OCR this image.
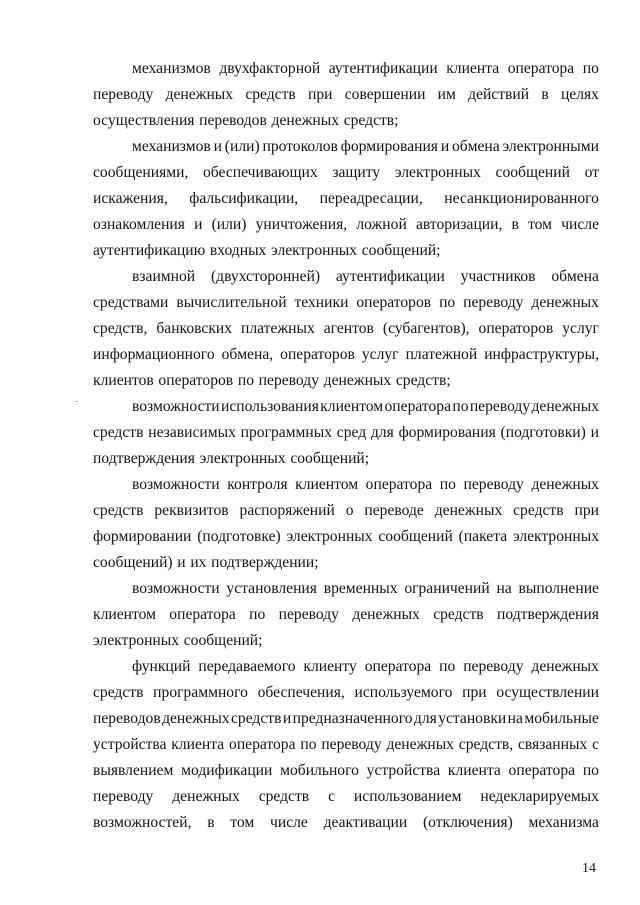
механизмов двухфакторной аутентификации клиента оператора по
переводу денежных средств при совершении им действий в целях
осуществления переводов денежных средств;
механизмов и (или) протоколов формирования и обмена электронными
сообщениями, обеспечивающих защиту электронных сообщений от
искажения, фальсификации, переадресации, несанкционированного
ознакомления и (или) уничтожения, ложной авторизации, в том числе
аутентификацию входных электронных сообщений;
взаимной (двухсторонней) аутентификации участников обмена
средствами вычислительной техники операторов по переводу денежных
средств, банковских платежных агентов (субагентов), операторов услуг
информационного обмена, операторов услуг платежной инфраструктуры,
клиентов операторов по переводу денежных средств;
возможности использования клиентом оператора по переводу денежных
средств независимых программных сред для формирования (подготовки) и
подтверждения электронных сообщений;
возможности контроля клиентом оператора по переводу денежных
средств реквизитов распоряжений о переводе денежных средств при
формировании (подготовке) электронных сообщений (пакета электронных
сообщений) и их подтверждении;
возможности установления временных ограничений на выполнение
клиентом оператора по переводу денежных средств подтверждения
электронных сообщений;
функций передаваемого клиенту оператора по переводу денежных
средств программного обеспечения, используемого при осуществлении
переводов денежных средств и предназначенного для установки на мобильные
устройства клиента оператора по переводу денежных средств, связанных с
выявлением модификации мобильного устройства клиента оператора по
переводу денежных средств с использованием недекларируемых
возможностей, в том числе деактивации (отключения) механизма
14
